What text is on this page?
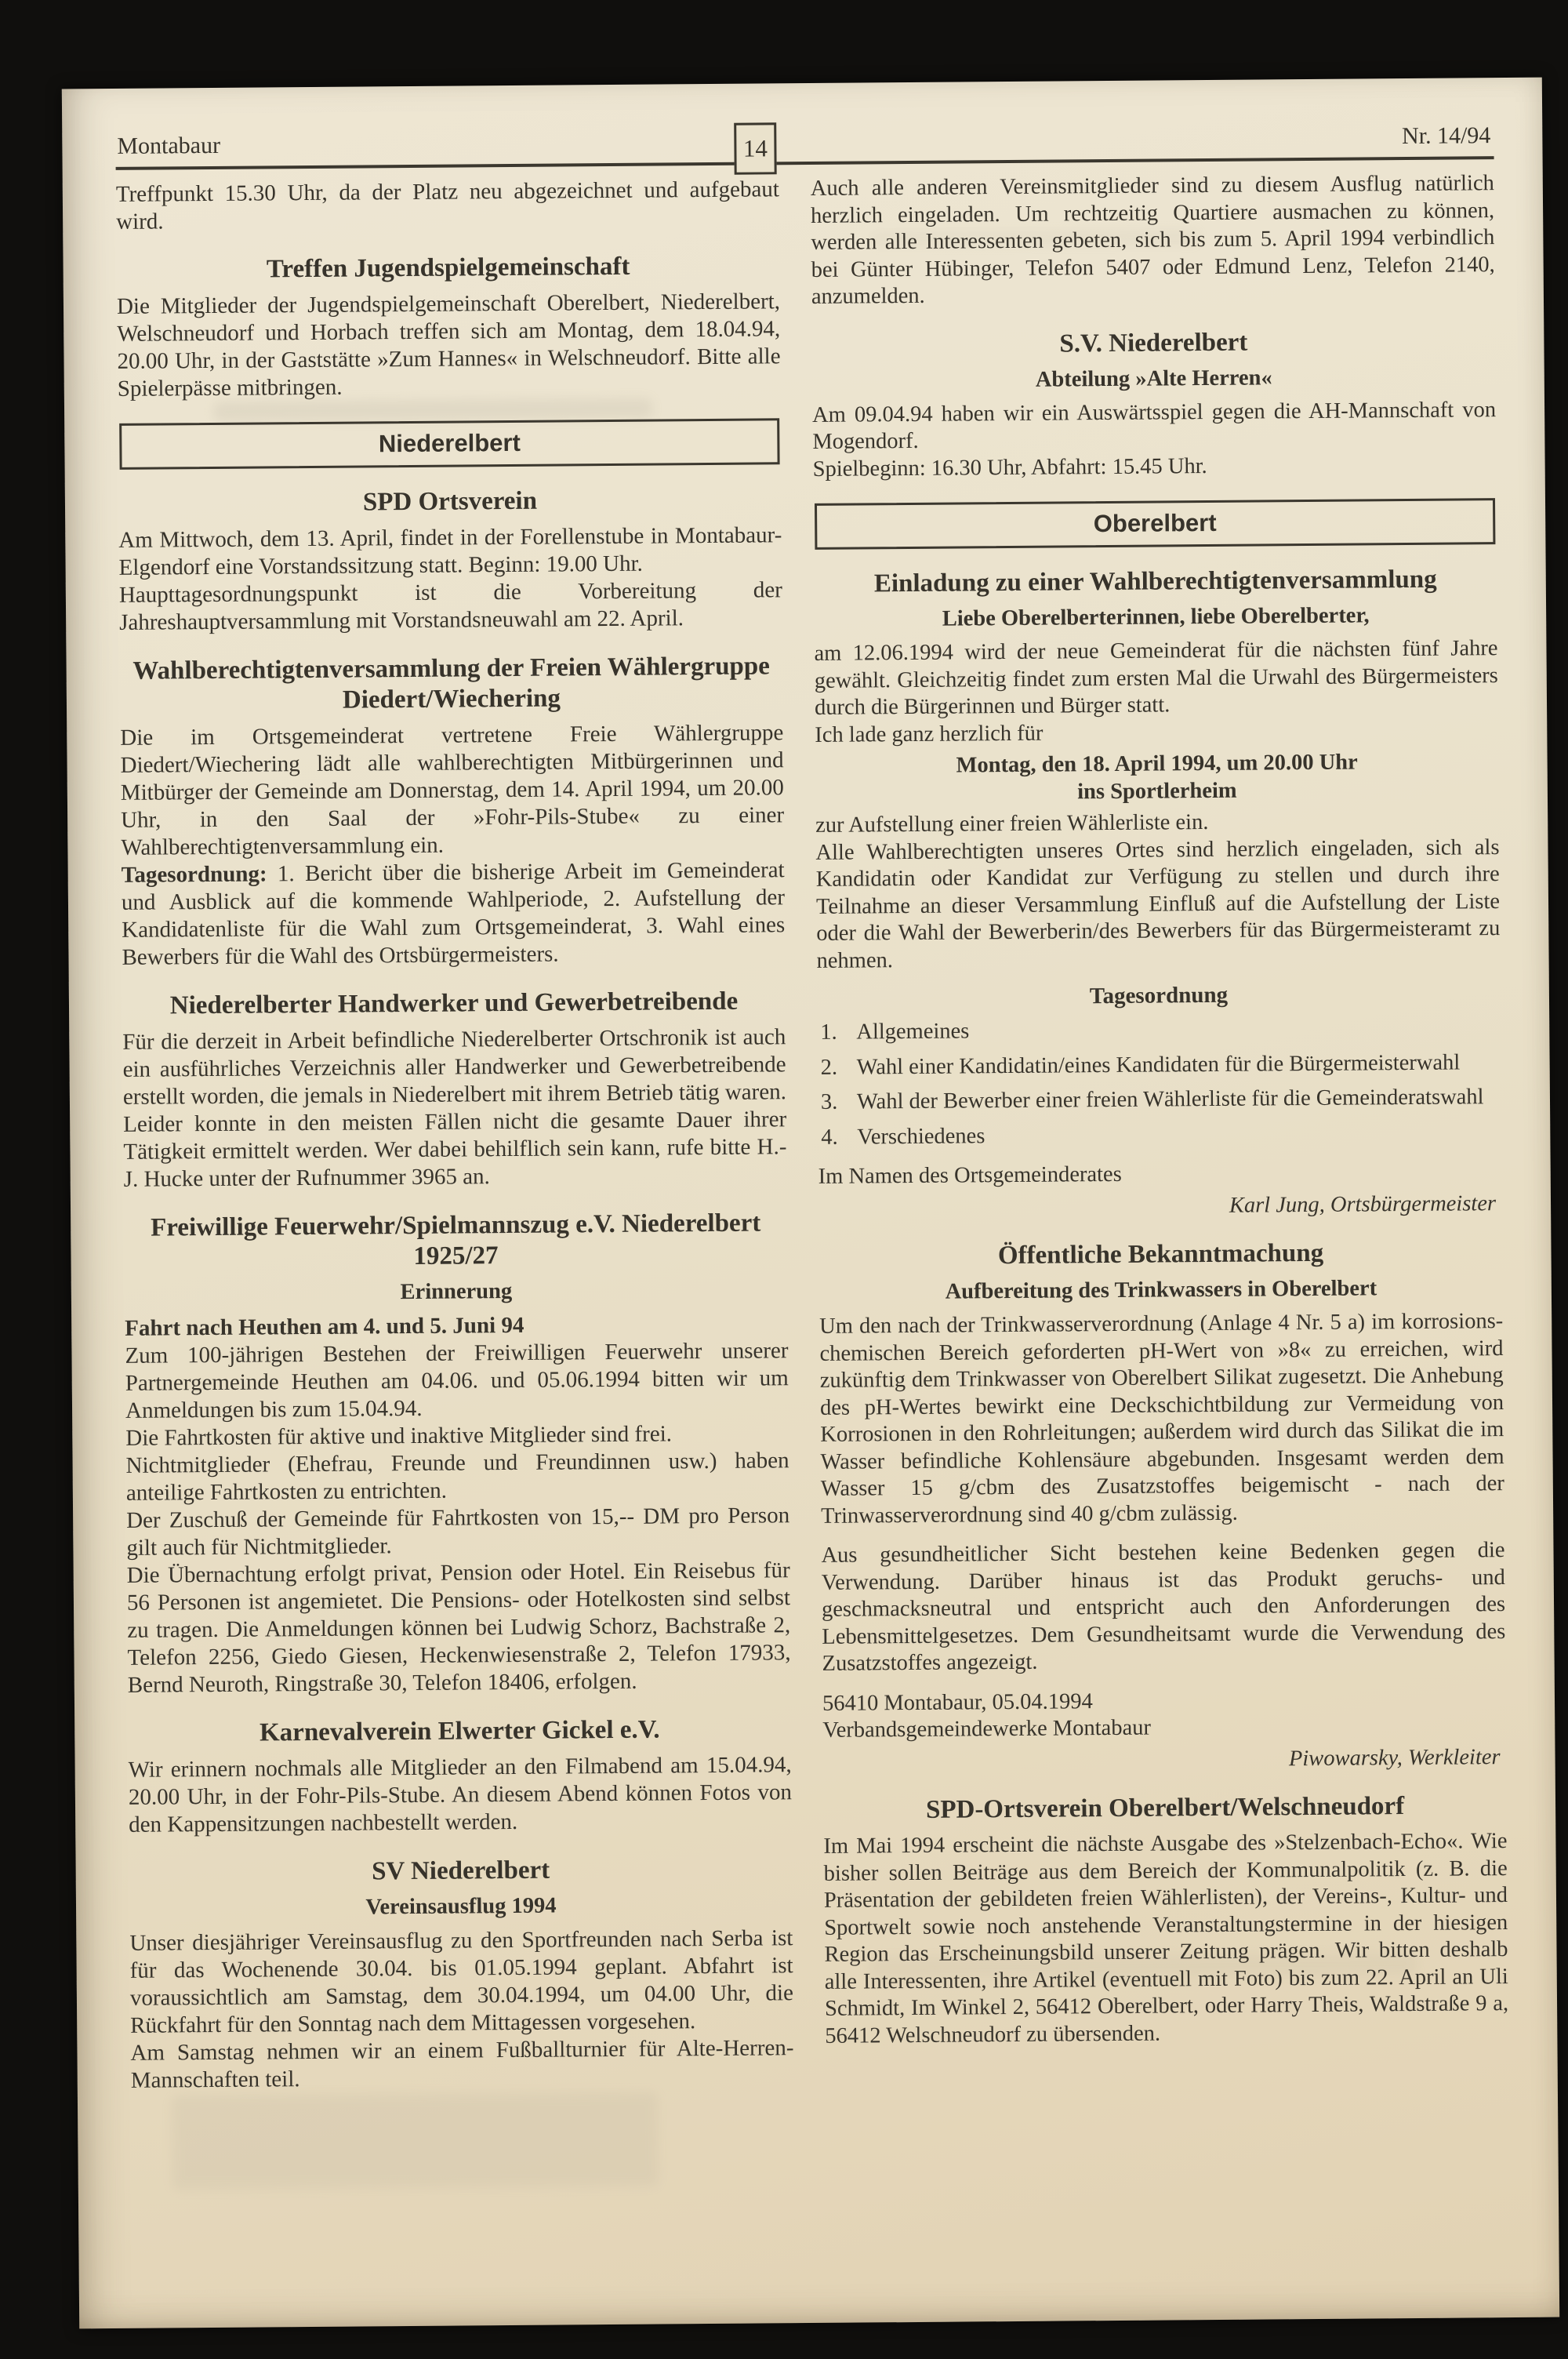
Montabaur	14	Nr. 14/94
Treffpunkt 15.30 Uhr, da der Platz neu abgezeichnet und aufgebaut wird.
Treffen Jugendspielgemeinschaft
Die Mitglieder der Jugendspielgemeinschaft Oberelbert, Niederelbert, Welschneudorf und Horbach treffen sich am Montag, dem 18.04.94, 20.00 Uhr, in der Gaststätte »Zum Hannes« in Welschneudorf. Bitte alle Spielerpässe mitbringen.
Niederelbert
SPD Ortsverein
Am Mittwoch, dem 13. April, findet in der Forellenstube in Montabaur-Elgendorf eine Vorstandssitzung statt. Beginn: 19.00 Uhr.
Haupttagesordnungspunkt ist die Vorbereitung der Jahreshauptversammlung mit Vorstandsneuwahl am 22. April.
Wahlberechtigtenversammlung der Freien Wählergruppe Diedert/Wiechering
Die im Ortsgemeinderat vertretene Freie Wählergruppe Diedert/Wiechering lädt alle wahlberechtigten Mitbürgerinnen und Mitbürger der Gemeinde am Donnerstag, dem 14. April 1994, um 20.00 Uhr, in den Saal der »Fohr-Pils-Stube« zu einer Wahlberechtigtenversammlung ein.
Tagesordnung: 1. Bericht über die bisherige Arbeit im Gemeinderat und Ausblick auf die kommende Wahlperiode, 2. Aufstellung der Kandidatenliste für die Wahl zum Ortsgemeinderat, 3. Wahl eines Bewerbers für die Wahl des Ortsbürgermeisters.
Niederelberter Handwerker und Gewerbetreibende
Für die derzeit in Arbeit befindliche Niederelberter Ortschronik ist auch ein ausführliches Verzeichnis aller Handwerker und Gewerbetreibende erstellt worden, die jemals in Niederelbert mit ihrem Betrieb tätig waren. Leider konnte in den meisten Fällen nicht die gesamte Dauer ihrer Tätigkeit ermittelt werden. Wer dabei behilflich sein kann, rufe bitte H.-J. Hucke unter der Rufnummer 3965 an.
Freiwillige Feuerwehr/Spielmannszug e.V. Niederelbert 1925/27
Erinnerung
Fahrt nach Heuthen am 4. und 5. Juni 94
Zum 100-jährigen Bestehen der Freiwilligen Feuerwehr unserer Partnergemeinde Heuthen am 04.06. und 05.06.1994 bitten wir um Anmeldungen bis zum 15.04.94.
Die Fahrtkosten für aktive und inaktive Mitglieder sind frei.
Nichtmitglieder (Ehefrau, Freunde und Freundinnen usw.) haben anteilige Fahrtkosten zu entrichten.
Der Zuschuß der Gemeinde für Fahrtkosten von 15,-- DM pro Person gilt auch für Nichtmitglieder.
Die Übernachtung erfolgt privat, Pension oder Hotel. Ein Reisebus für 56 Personen ist angemietet. Die Pensions- oder Hotelkosten sind selbst zu tragen. Die Anmeldungen können bei Ludwig Schorz, Bachstraße 2, Telefon 2256, Giedo Giesen, Heckenwiesenstraße 2, Telefon 17933, Bernd Neuroth, Ringstraße 30, Telefon 18406, erfolgen.
Karnevalverein Elwerter Gickel e.V.
Wir erinnern nochmals alle Mitglieder an den Filmabend am 15.04.94, 20.00 Uhr, in der Fohr-Pils-Stube. An diesem Abend können Fotos von den Kappensitzungen nachbestellt werden.
SV Niederelbert
Vereinsausflug 1994
Unser diesjähriger Vereinsausflug zu den Sportfreunden nach Serba ist für das Wochenende 30.04. bis 01.05.1994 geplant. Abfahrt ist voraussichtlich am Samstag, dem 30.04.1994, um 04.00 Uhr, die Rückfahrt für den Sonntag nach dem Mittagessen vorgesehen.
Am Samstag nehmen wir an einem Fußballturnier für Alte-Herren-Mannschaften teil.
Auch alle anderen Vereinsmitglieder sind zu diesem Ausflug natürlich herzlich eingeladen. Um rechtzeitig Quartiere ausmachen zu können, werden alle Interessenten gebeten, sich bis zum 5. April 1994 verbindlich bei Günter Hübinger, Telefon 5407 oder Edmund Lenz, Telefon 2140, anzumelden.
S.V. Niederelbert
Abteilung »Alte Herren«
Am 09.04.94 haben wir ein Auswärtsspiel gegen die AH-Mannschaft von Mogendorf.
Spielbeginn: 16.30 Uhr, Abfahrt: 15.45 Uhr.
Oberelbert
Einladung zu einer Wahlberechtigtenversammlung
Liebe Oberelberterinnen, liebe Oberelberter,
am 12.06.1994 wird der neue Gemeinderat für die nächsten fünf Jahre gewählt. Gleichzeitig findet zum ersten Mal die Urwahl des Bürgermeisters durch die Bürgerinnen und Bürger statt.
Ich lade ganz herzlich für
Montag, den 18. April 1994, um 20.00 Uhr
ins Sportlerheim
zur Aufstellung einer freien Wählerliste ein.
Alle Wahlberechtigten unseres Ortes sind herzlich eingeladen, sich als Kandidatin oder Kandidat zur Verfügung zu stellen und durch ihre Teilnahme an dieser Versammlung Einfluß auf die Aufstellung der Liste oder die Wahl der Bewerberin/des Bewerbers für das Bürgermeisteramt zu nehmen.
Tagesordnung
1. Allgemeines
2. Wahl einer Kandidatin/eines Kandidaten für die Bürgermeisterwahl
3. Wahl der Bewerber einer freien Wählerliste für die Gemeinderatswahl
4. Verschiedenes
Im Namen des Ortsgemeinderates
Karl Jung, Ortsbürgermeister
Öffentliche Bekanntmachung
Aufbereitung des Trinkwassers in Oberelbert
Um den nach der Trinkwasserverordnung (Anlage 4 Nr. 5 a) im korrosions-chemischen Bereich geforderten pH-Wert von »8« zu erreichen, wird zukünftig dem Trinkwasser von Oberelbert Silikat zugesetzt. Die Anhebung des pH-Wertes bewirkt eine Deckschichtbildung zur Vermeidung von Korrosionen in den Rohrleitungen; außerdem wird durch das Silikat die im Wasser befindliche Kohlensäure abgebunden. Insgesamt werden dem Wasser 15 g/cbm des Zusatzstoffes beigemischt - nach der Trinwasserverordnung sind 40 g/cbm zulässig.
Aus gesundheitlicher Sicht bestehen keine Bedenken gegen die Verwendung. Darüber hinaus ist das Produkt geruchs- und geschmacksneutral und entspricht auch den Anforderungen des Lebensmittelgesetzes. Dem Gesundheitsamt wurde die Verwendung des Zusatzstoffes angezeigt.
56410 Montabaur, 05.04.1994
Verbandsgemeindewerke Montabaur
Piwowarsky, Werkleiter
SPD-Ortsverein Oberelbert/Welschneudorf
Im Mai 1994 erscheint die nächste Ausgabe des »Stelzenbach-Echo«. Wie bisher sollen Beiträge aus dem Bereich der Kommunalpolitik (z. B. die Präsentation der gebildeten freien Wählerlisten), der Vereins-, Kultur- und Sportwelt sowie noch anstehende Veranstaltungstermine in der hiesigen Region das Erscheinungsbild unserer Zeitung prägen. Wir bitten deshalb alle Interessenten, ihre Artikel (eventuell mit Foto) bis zum 22. April an Uli Schmidt, Im Winkel 2, 56412 Oberelbert, oder Harry Theis, Waldstraße 9 a, 56412 Welschneudorf zu übersenden.
